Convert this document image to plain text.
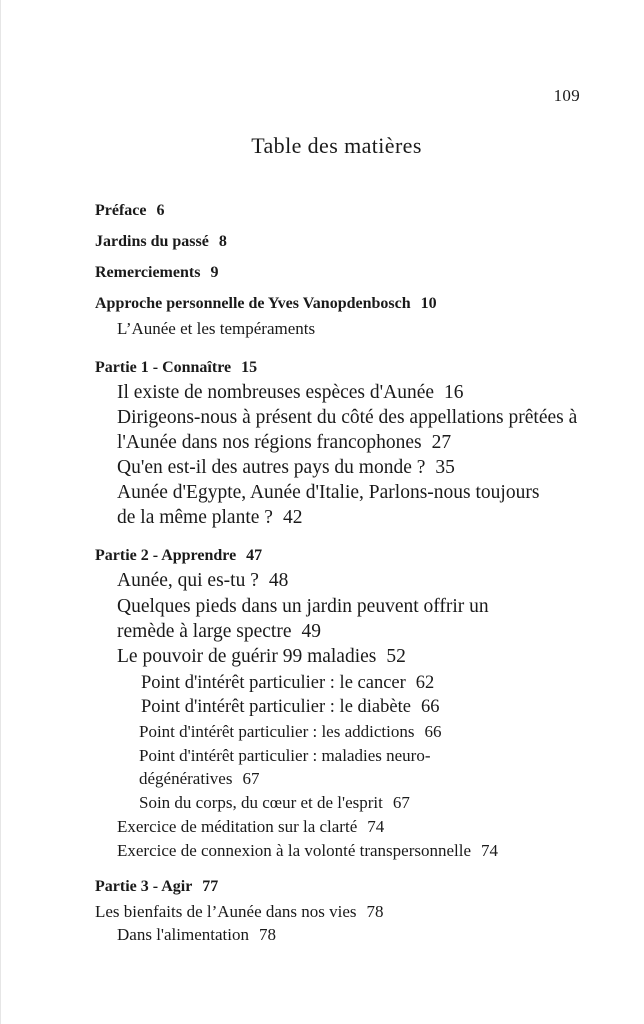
109
Table des matières
Préface 6
Jardins du passé 8
Remerciements 9
Approche personnelle de Yves Vanopdenbosch 10
L’Aunée et les tempéraments
Partie 1 - Connaître 15
Il existe de nombreuses espèces d'Aunée 16
Dirigeons-nous à présent du côté des appellations prêtées à
l'Aunée dans nos régions francophones 27
Qu'en est-il des autres pays du monde ? 35
Aunée d'Egypte, Aunée d'Italie, Parlons-nous toujours
de la même plante ? 42
Partie 2 - Apprendre 47
Aunée, qui es-tu ? 48
Quelques pieds dans un jardin peuvent offrir un
remède à large spectre 49
Le pouvoir de guérir 99 maladies 52
Point d'intérêt particulier : le cancer 62
Point d'intérêt particulier : le diabète 66
Point d'intérêt particulier : les addictions 66
Point d'intérêt particulier : maladies neuro-
dégénératives 67
Soin du corps, du cœur et de l'esprit 67
Exercice de méditation sur la clarté 74
Exercice de connexion à la volonté transpersonnelle 74
Partie 3 - Agir 77
Les bienfaits de l’Aunée dans nos vies 78
Dans l'alimentation 78
